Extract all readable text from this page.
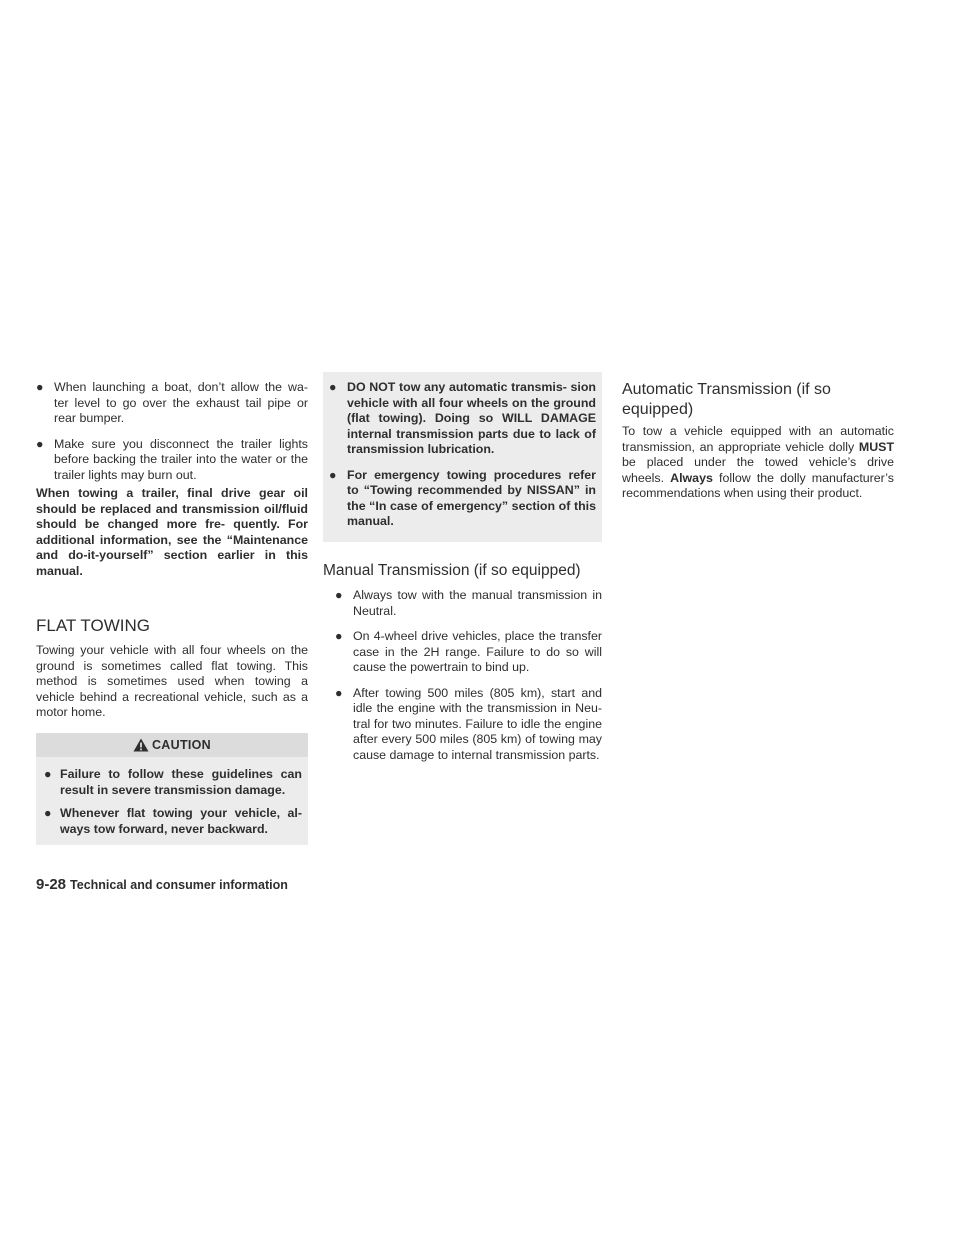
● When launching a boat, don’t allow the wa- ter level to go over the exhaust tail pipe or rear bumper.
● Make sure you disconnect the trailer lights before backing the trailer into the water or the trailer lights may burn out.

When towing a trailer, final drive gear oil should be replaced and transmission oil/fluid should be changed more fre- quently. For additional information, see the “Maintenance and do-it-yourself” section earlier in this manual.

FLAT TOWING

Towing your vehicle with all four wheels on the ground is sometimes called flat towing. This method is sometimes used when towing a vehicle behind a recreational vehicle, such as a motor home.

CAUTION
● Failure to follow these guidelines can result in severe transmission damage.
● Whenever flat towing your vehicle, al- ways tow forward, never backward.
● DO NOT tow any automatic transmis- sion vehicle with all four wheels on the ground (flat towing). Doing so WILL DAMAGE internal transmission parts due to lack of transmission lubrication.
● For emergency towing procedures refer to “Towing recommended by NISSAN” in the “In case of emergency” section of this manual.
Manual Transmission (if so equipped)
● Always tow with the manual transmission in Neutral.
● On 4-wheel drive vehicles, place the transfer case in the 2H range. Failure to do so will cause the powertrain to bind up.
● After towing 500 miles (805 km), start and idle the engine with the transmission in Neu- tral for two minutes. Failure to idle the engine after every 500 miles (805 km) of towing may cause damage to internal transmission parts.
Automatic Transmission (if so equipped)

To tow a vehicle equipped with an automatic transmission, an appropriate vehicle dolly MUST be placed under the towed vehicle’s drive wheels. Always follow the dolly manufacturer’s recommendations when using their product.

9-28 Technical and consumer information
